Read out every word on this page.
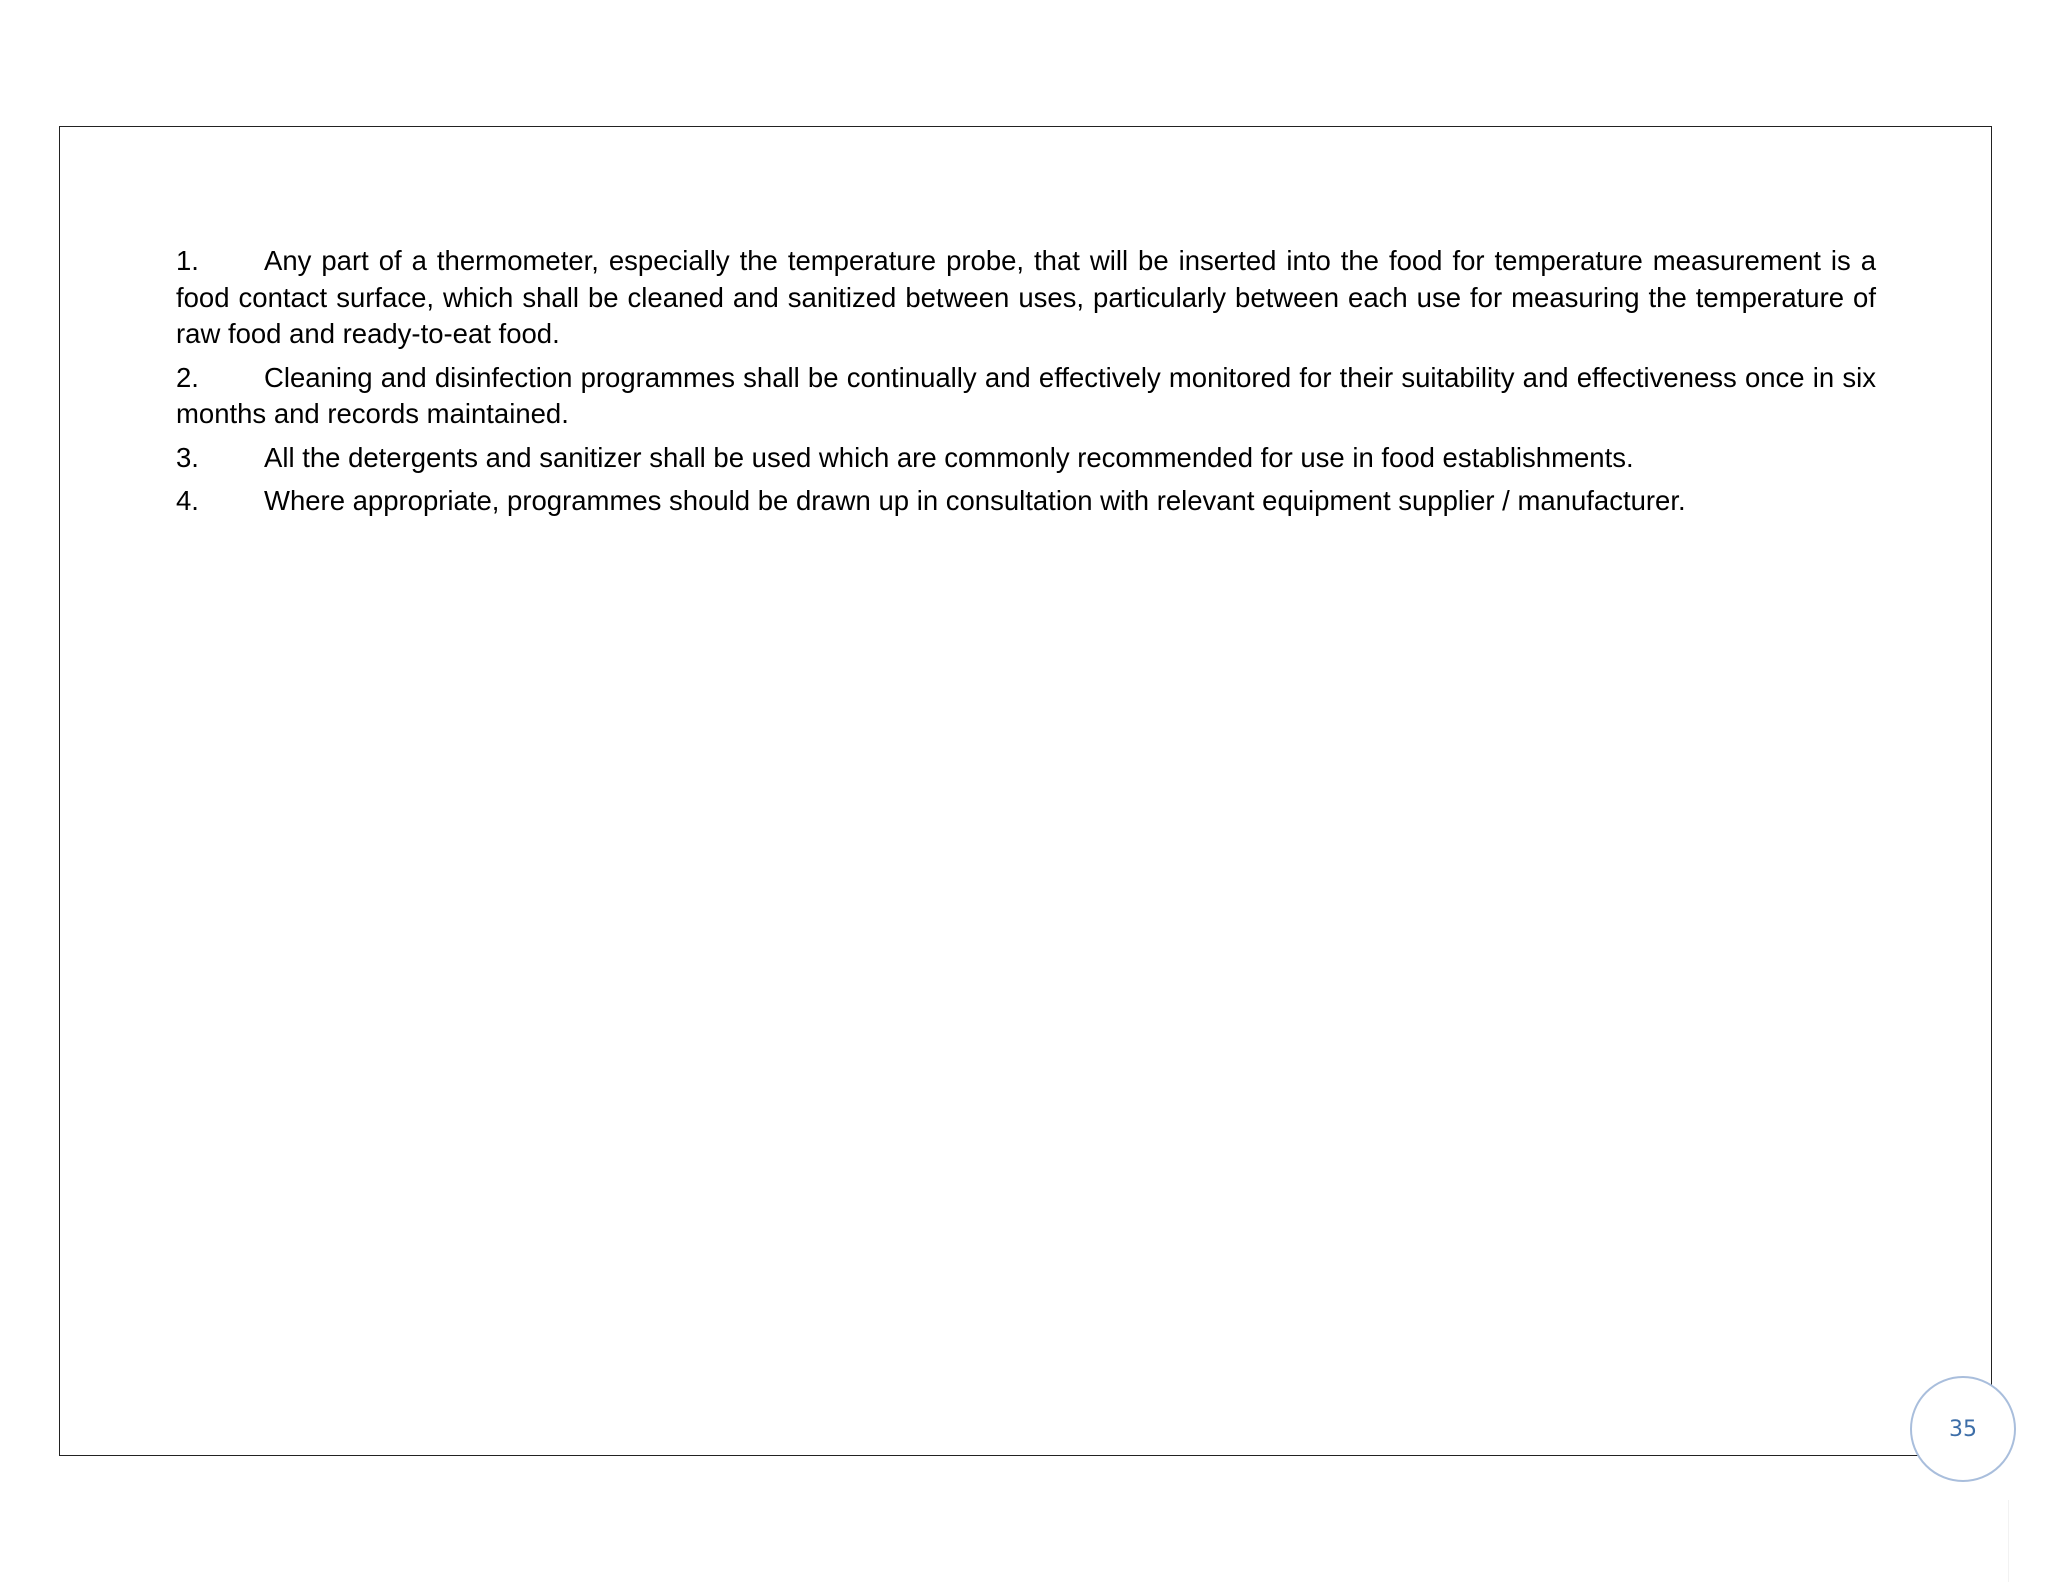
1. Any part of a thermometer, especially the temperature probe, that will be inserted into the food for temperature measurement is a food contact surface, which shall be cleaned and sanitized between uses, particularly between each use for measuring the temperature of raw food and ready-to-eat food.

2. Cleaning and disinfection programmes shall be continually and effectively monitored for their suitability and effectiveness once in six months and records maintained.

3. All the detergents and sanitizer shall be used which are commonly recommended for use in food establishments.

4. Where appropriate, programmes should be drawn up in consultation with relevant equipment supplier / manufacturer.

35
